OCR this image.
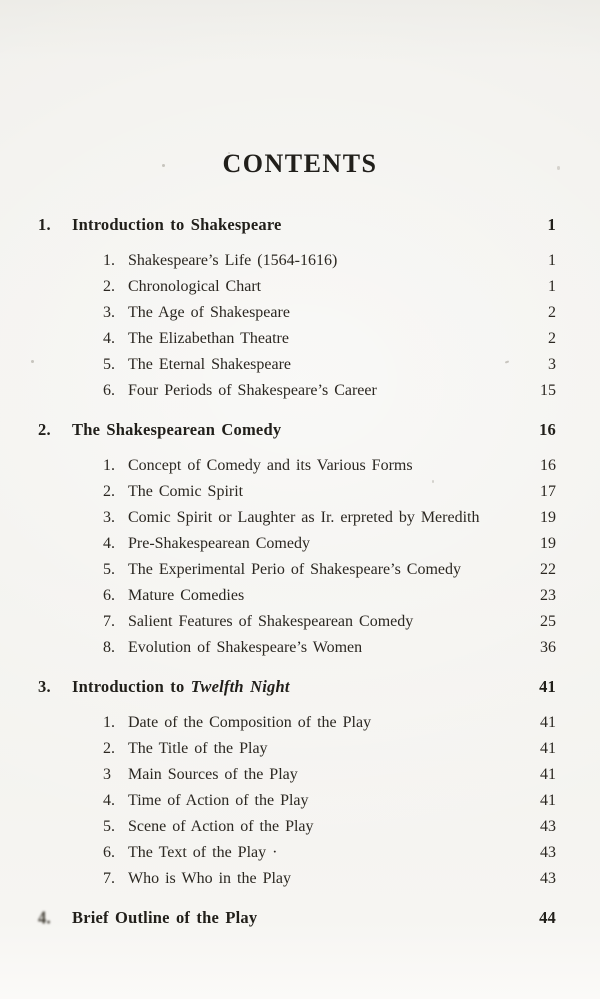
CONTENTS
1.	Introduction to Shakespeare	1
1. Shakespeare’s Life (1564-1616)	1
2. Chronological Chart	1
3. The Age of Shakespeare	2
4. The Elizabethan Theatre	2
5. The Eternal Shakespeare	3
6. Four Periods of Shakespeare’s Career	15
2.	The Shakespearean Comedy	16
1. Concept of Comedy and its Various Forms	16
2. The Comic Spirit	17
3. Comic Spirit or Laughter as Ir. erpreted by Meredith	19
4. Pre-Shakespearean Comedy	19
5. The Experimental Perio of Shakespeare’s Comedy	22
6. Mature Comedies	23
7. Salient Features of Shakespearean Comedy	25
8. Evolution of Shakespeare’s Women	36
3.	Introduction to Twelfth Night	41
1. Date of the Composition of the Play	41
2. The Title of the Play	41
3	Main Sources of the Play	41
4. Time of Action of the Play	41
5. Scene of Action of the Play	43
6. The Text of the Play ·	43
7. Who is Who in the Play	43
4.	Brief Outline of the Play	44
